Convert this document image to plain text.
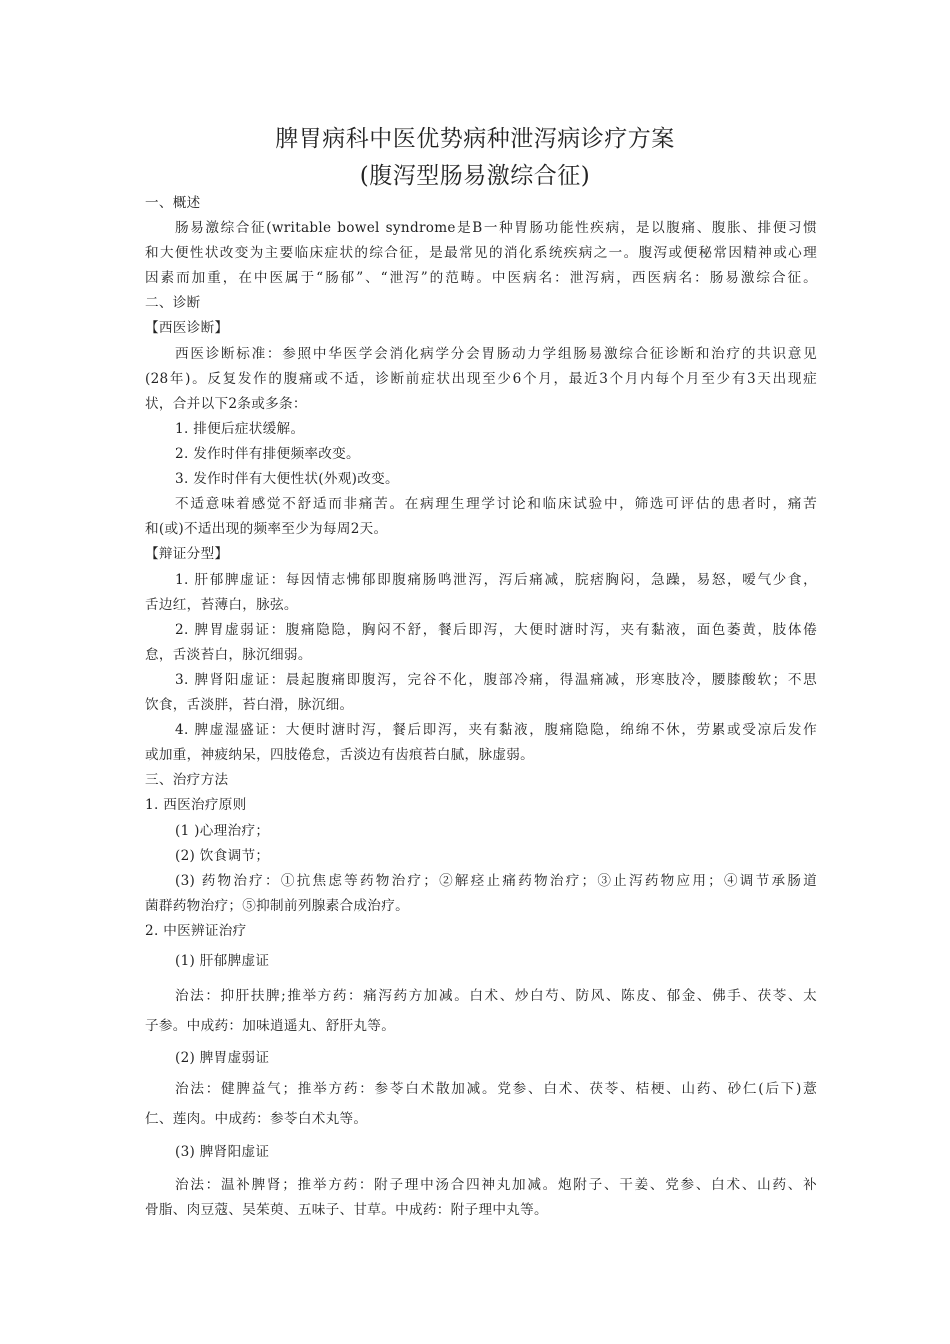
脾胃病科中医优势病种泄泻病诊疗方案
(腹泻型肠易激综合征)
一、概述
肠易激综合征(writable bowel syndrome是B一种胃肠功能性疾病，是以腹痛、腹胀、排便习惯
和大便性状改变为主要临床症状的综合征，是最常见的消化系统疾病之一。腹泻或便秘常因精神或心理
因素而加重，在中医属于“肠郁”、“泄泻”的范畴。中医病名：泄泻病，西医病名：肠易激综合征。
二、诊断
【西医诊断】
西医诊断标准：参照中华医学会消化病学分会胃肠动力学组肠易激综合征诊断和治疗的共识意见
(28年)。反复发作的腹痛或不适，诊断前症状出现至少6个月，最近3个月内每个月至少有3天出现症
状，合并以下2条或多条：
1. 排便后症状缓解。
2. 发作时伴有排便频率改变。
3. 发作时伴有大便性状(外观)改变。
不适意味着感觉不舒适而非痛苦。在病理生理学讨论和临床试验中，筛选可评估的患者时，痛苦
和(或)不适出现的频率至少为每周2天。
【辩证分型】
1. 肝郁脾虚证：每因情志怫郁即腹痛肠鸣泄泻，泻后痛减，脘痞胸闷，急躁，易怒，嗳气少食，
舌边红，苔薄白，脉弦。
2. 脾胃虚弱证：腹痛隐隐，胸闷不舒，餐后即泻，大便时溏时泻，夹有黏液，面色萎黄，肢体倦
怠，舌淡苔白，脉沉细弱。
3. 脾肾阳虚证：晨起腹痛即腹泻，完谷不化，腹部冷痛，得温痛减，形寒肢冷，腰膝酸软；不思
饮食，舌淡胖，苔白滑，脉沉细。
4. 脾虚湿盛证：大便时溏时泻，餐后即泻，夹有黏液，腹痛隐隐，绵绵不休，劳累或受凉后发作
或加重，神疲纳呆，四肢倦怠，舌淡边有齿痕苔白腻，脉虚弱。
三、治疗方法
1. 西医治疗原则
(1 )心理治疗；
(2) 饮食调节；
(3) 药物治疗：①抗焦虑等药物治疗；②解痉止痛药物治疗；③止泻药物应用；④调节承肠道
菌群药物治疗；⑤抑制前列腺素合成治疗。
2. 中医辨证治疗
(1) 肝郁脾虚证
治法：抑肝扶脾;推举方药：痛泻药方加减。白术、炒白芍、防风、陈皮、郁金、佛手、茯苓、太
子参。中成药：加味逍遥丸、舒肝丸等。
(2) 脾胃虚弱证
治法：健脾益气；推举方药：参苓白术散加减。党参、白术、茯苓、桔梗、山药、砂仁(后下)薏
仁、莲肉。中成药：参苓白术丸等。
(3) 脾肾阳虚证
治法：温补脾肾；推举方药：附子理中汤合四神丸加减。炮附子、干姜、党参、白术、山药、补
骨脂、肉豆蔻、吴茱萸、五味子、甘草。中成药：附子理中丸等。
